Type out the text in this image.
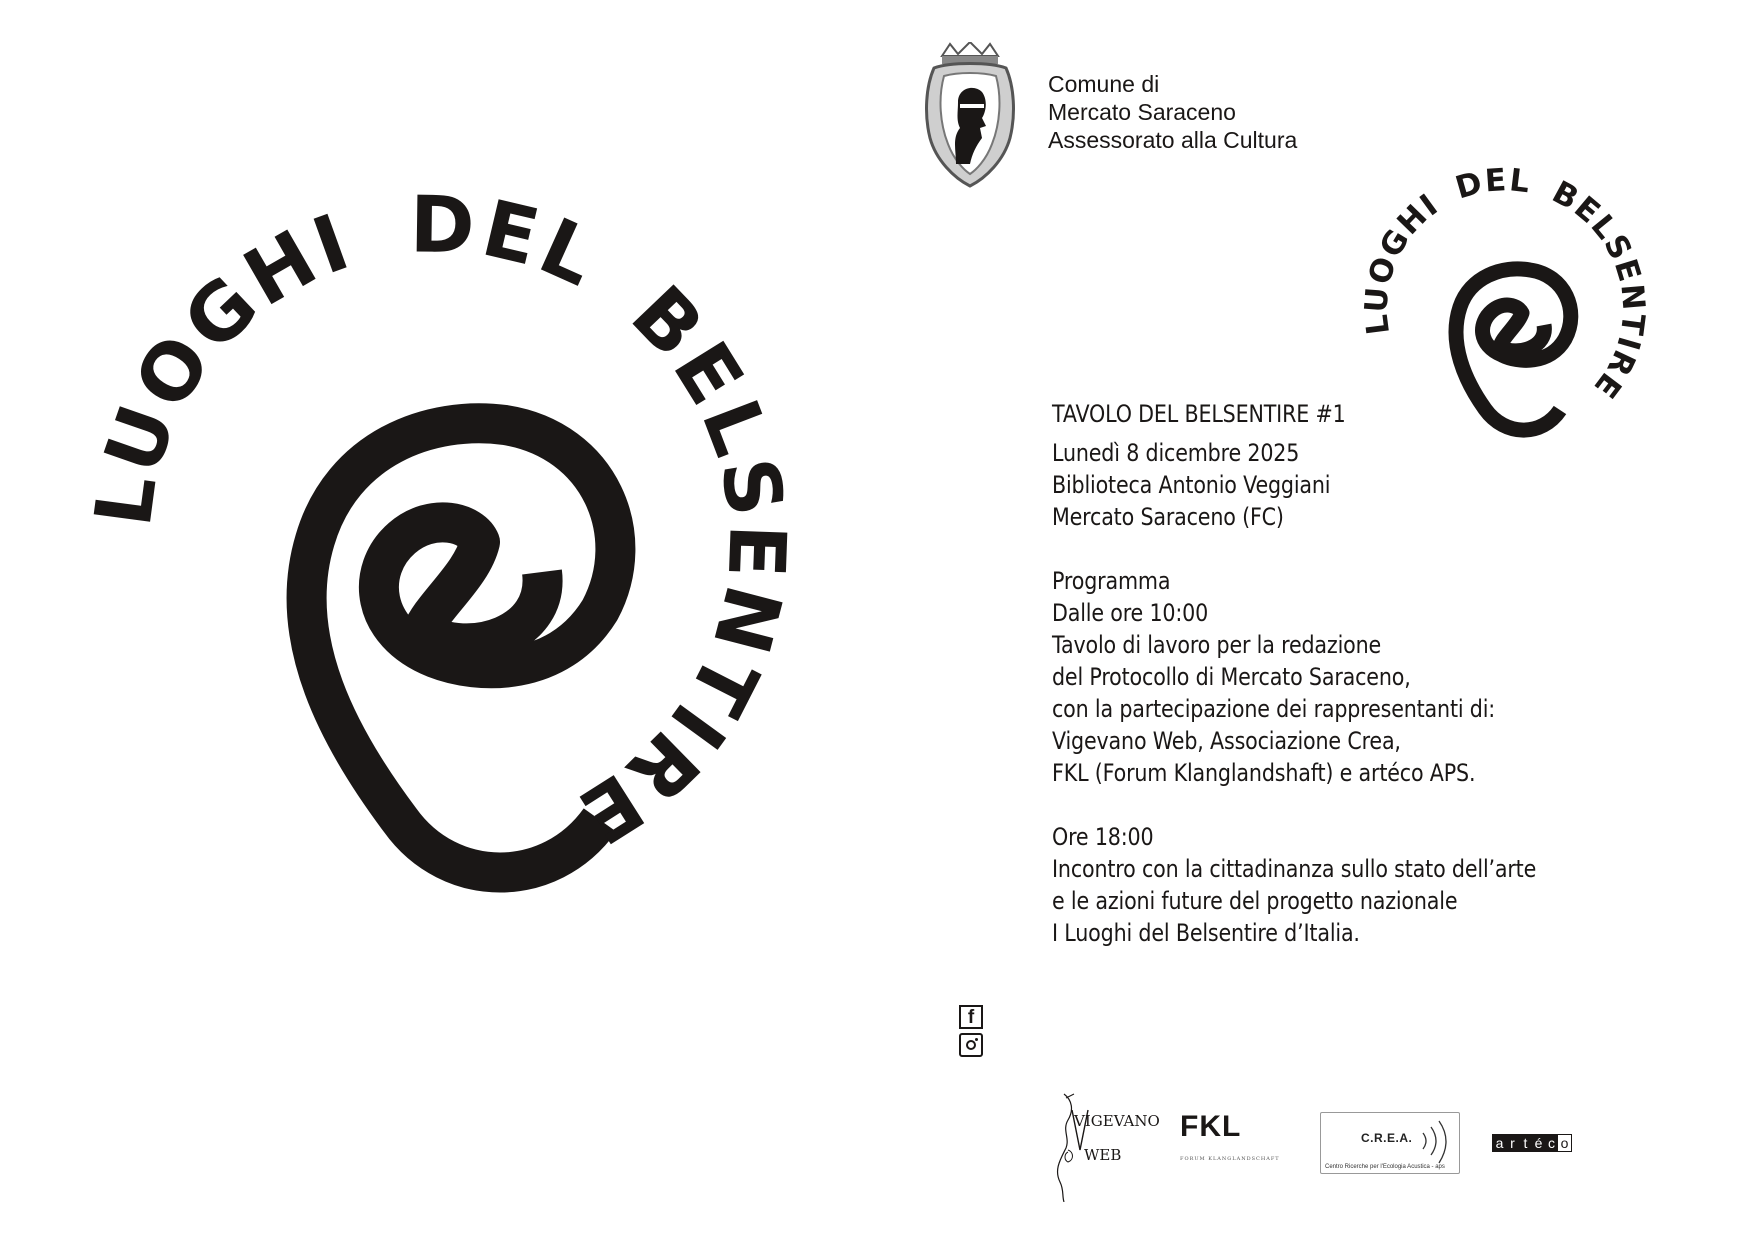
LUOGHI DEL BELSENTIRE
Comune di
Mercato Saraceno
Assessorato alla Cultura
LUOGHI DEL BELSENTIRE
TAVOLO DEL BELSENTIRE #1
Lunedì 8 dicembre 2025
Biblioteca Antonio Veggiani
Mercato Saraceno (FC)
Programma
Dalle ore 10:00
Tavolo di lavoro per la redazione
del Protocollo di Mercato Saraceno,
con la partecipazione dei rappresentanti di:
Vigevano Web, Associazione Crea,
FKL (Forum Klanglandshaft) e artéco APS.
Ore 18:00
Incontro con la cittadinanza sullo stato dell’arte
e le azioni future del progetto nazionale
I Luoghi del Belsentire d’Italia.
f
VIGEVANO
WEB
FKL
FORUM KLANGLANDSCHAFT
C.R.E.A.
Centro Ricerche per l'Ecologia Acustica - aps
a r t é c o
